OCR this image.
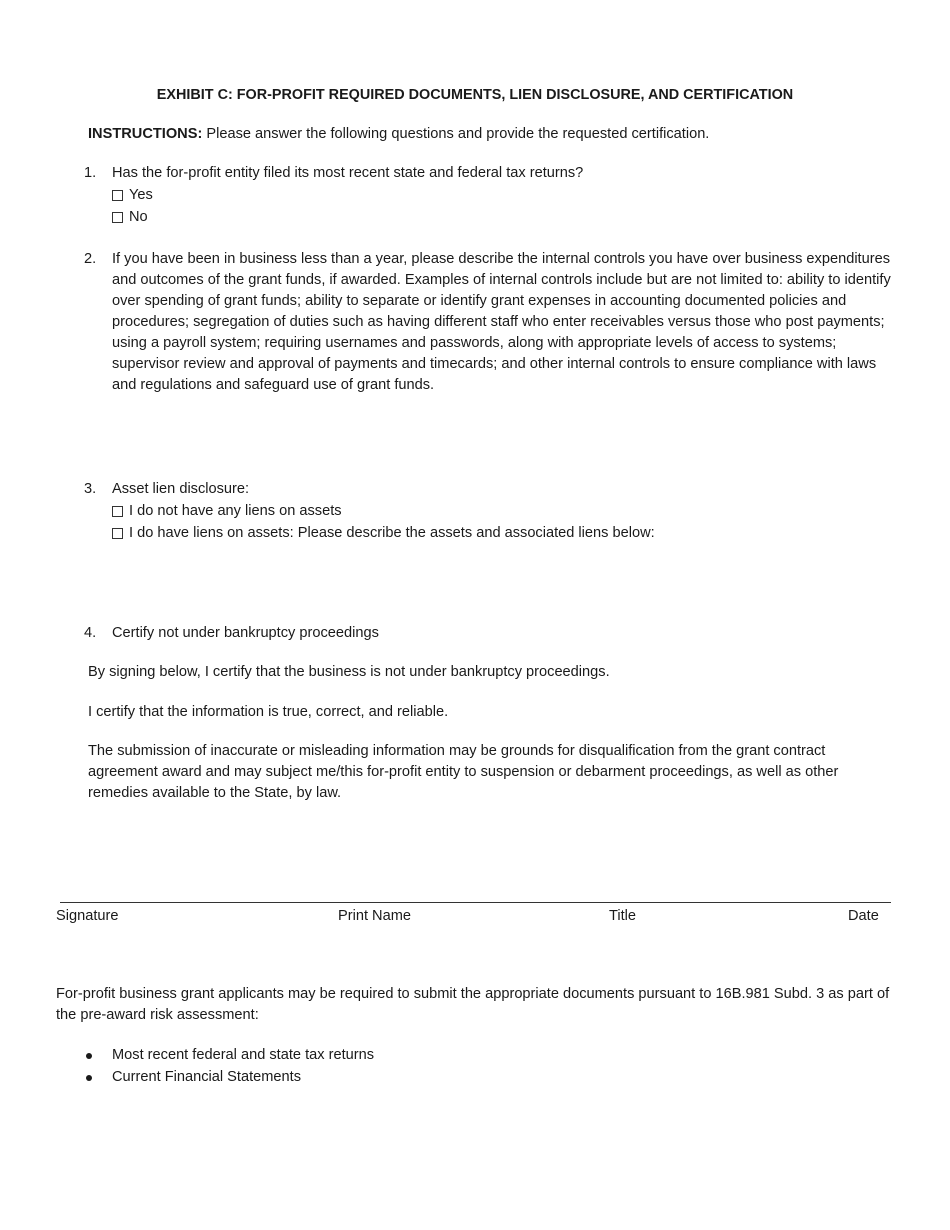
EXHIBIT C: FOR-PROFIT REQUIRED DOCUMENTS, LIEN DISCLOSURE, AND CERTIFICATION
INSTRUCTIONS: Please answer the following questions and provide the requested certification.
1. Has the for-profit entity filed its most recent state and federal tax returns?
Yes
No
2. If you have been in business less than a year, please describe the internal controls you have over business expenditures and outcomes of the grant funds, if awarded. Examples of internal controls include but are not limited to: ability to identify over spending of grant funds; ability to separate or identify grant expenses in accounting documented policies and procedures; segregation of duties such as having different staff who enter receivables versus those who post payments; using a payroll system; requiring usernames and passwords, along with appropriate levels of access to systems; supervisor review and approval of payments and timecards; and other internal controls to ensure compliance with laws and regulations and safeguard use of grant funds.
3. Asset lien disclosure:
I do not have any liens on assets
I do have liens on assets: Please describe the assets and associated liens below:
4. Certify not under bankruptcy proceedings
By signing below, I certify that the business is not under bankruptcy proceedings.
I certify that the information is true, correct, and reliable.
The submission of inaccurate or misleading information may be grounds for disqualification from the grant contract agreement award and may subject me/this for-profit entity to suspension or debarment proceedings, as well as other remedies available to the State, by law.
Signature	Print Name	Title	Date
For-profit business grant applicants may be required to submit the appropriate documents pursuant to 16B.981 Subd. 3 as part of the pre-award risk assessment:
Most recent federal and state tax returns
Current Financial Statements
